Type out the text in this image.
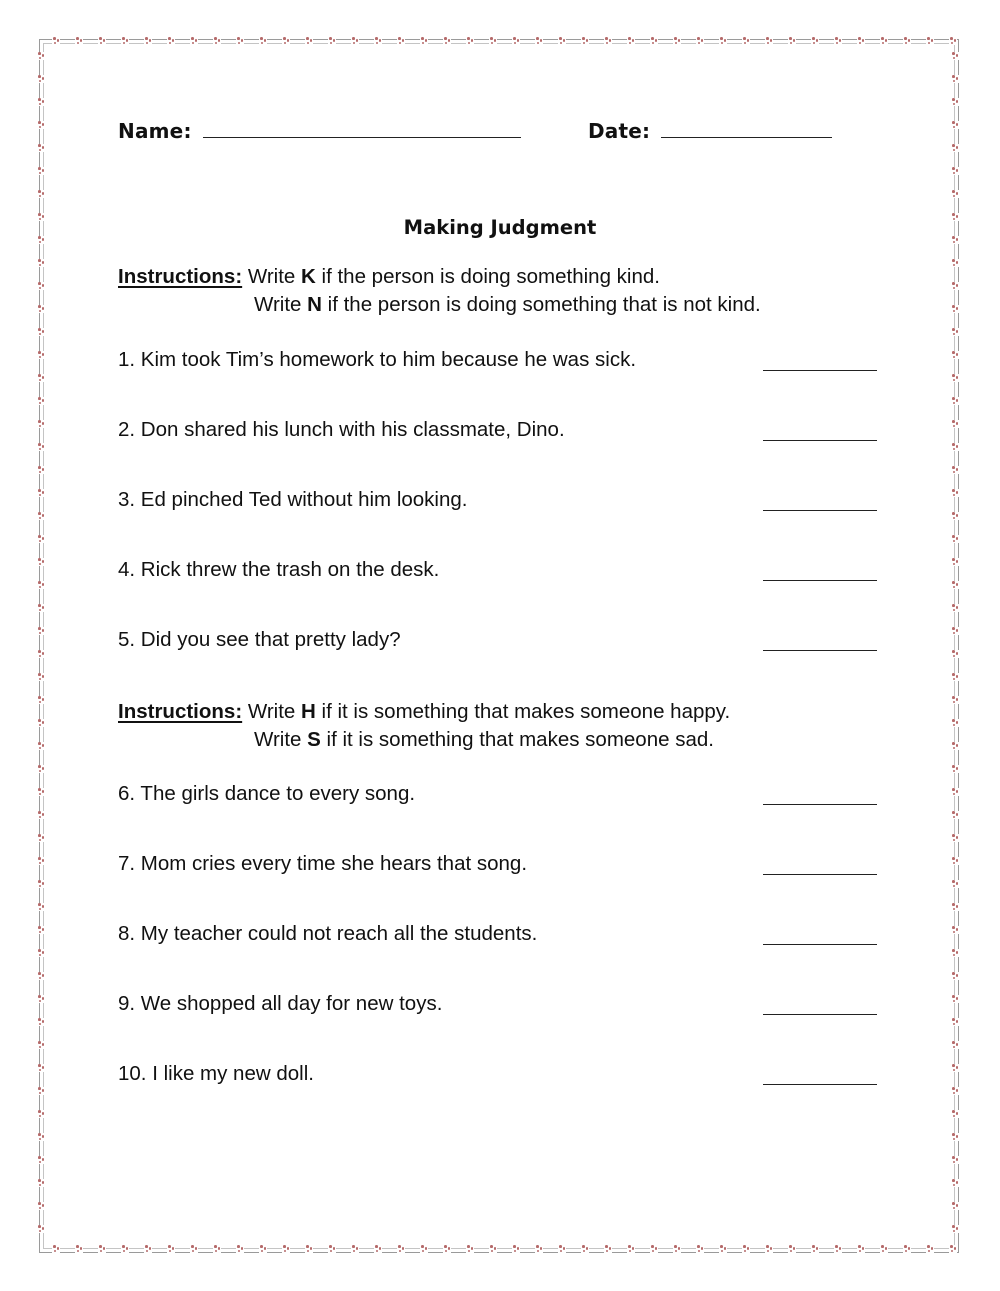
Name:	Date:
Making Judgment
Instructions: Write K if the person is doing something kind.
Write N if the person is doing something that is not kind.
1. Kim took Tim’s homework to him because he was sick.
2. Don shared his lunch with his classmate, Dino.
3. Ed pinched Ted without him looking.
4. Rick threw the trash on the desk.
5. Did you see that pretty lady?
Instructions: Write H if it is something that makes someone happy.
Write S if it is something that makes someone sad.
6. The girls dance to every song.
7. Mom cries every time she hears that song.
8. My teacher could not reach all the students.
9. We shopped all day for new toys.
10. I like my new doll.
